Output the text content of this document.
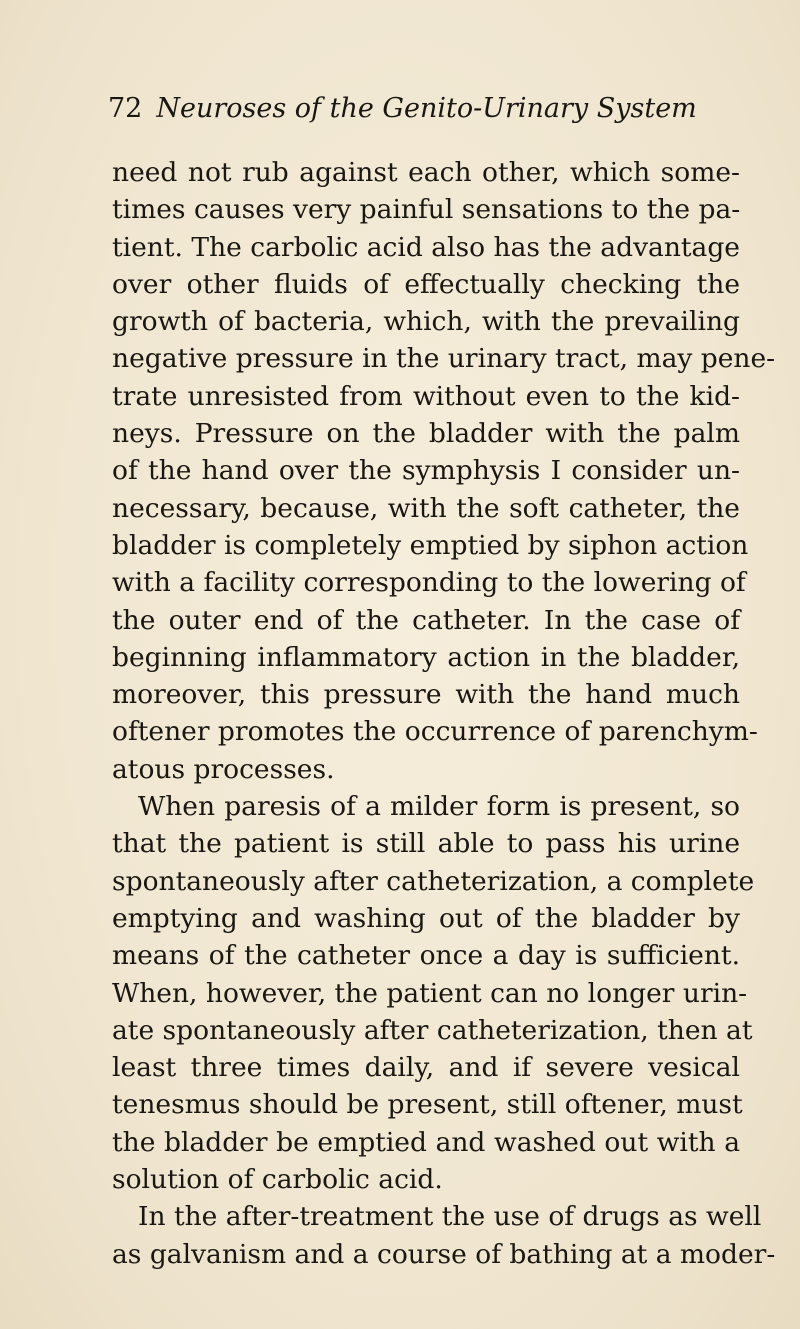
72 Neuroses of the Genito-Urinary System
need not rub against each other, which some-
times causes very painful sensations to the pa-
tient. The carbolic acid also has the advantage
over other fluids of effectually checking the
growth of bacteria, which, with the prevailing
negative pressure in the urinary tract, may pene-
trate unresisted from without even to the kid-
neys. Pressure on the bladder with the palm
of the hand over the symphysis I consider un-
necessary, because, with the soft catheter, the
bladder is completely emptied by siphon action
with a facility corresponding to the lowering of
the outer end of the catheter. In the case of
beginning inflammatory action in the bladder,
moreover, this pressure with the hand much
oftener promotes the occurrence of parenchym-
atous processes.
When paresis of a milder form is present, so
that the patient is still able to pass his urine
spontaneously after catheterization, a complete
emptying and washing out of the bladder by
means of the catheter once a day is sufficient.
When, however, the patient can no longer urin-
ate spontaneously after catheterization, then at
least three times daily, and if severe vesical
tenesmus should be present, still oftener, must
the bladder be emptied and washed out with a
solution of carbolic acid.
In the after-treatment the use of drugs as well
as galvanism and a course of bathing at a moder-
